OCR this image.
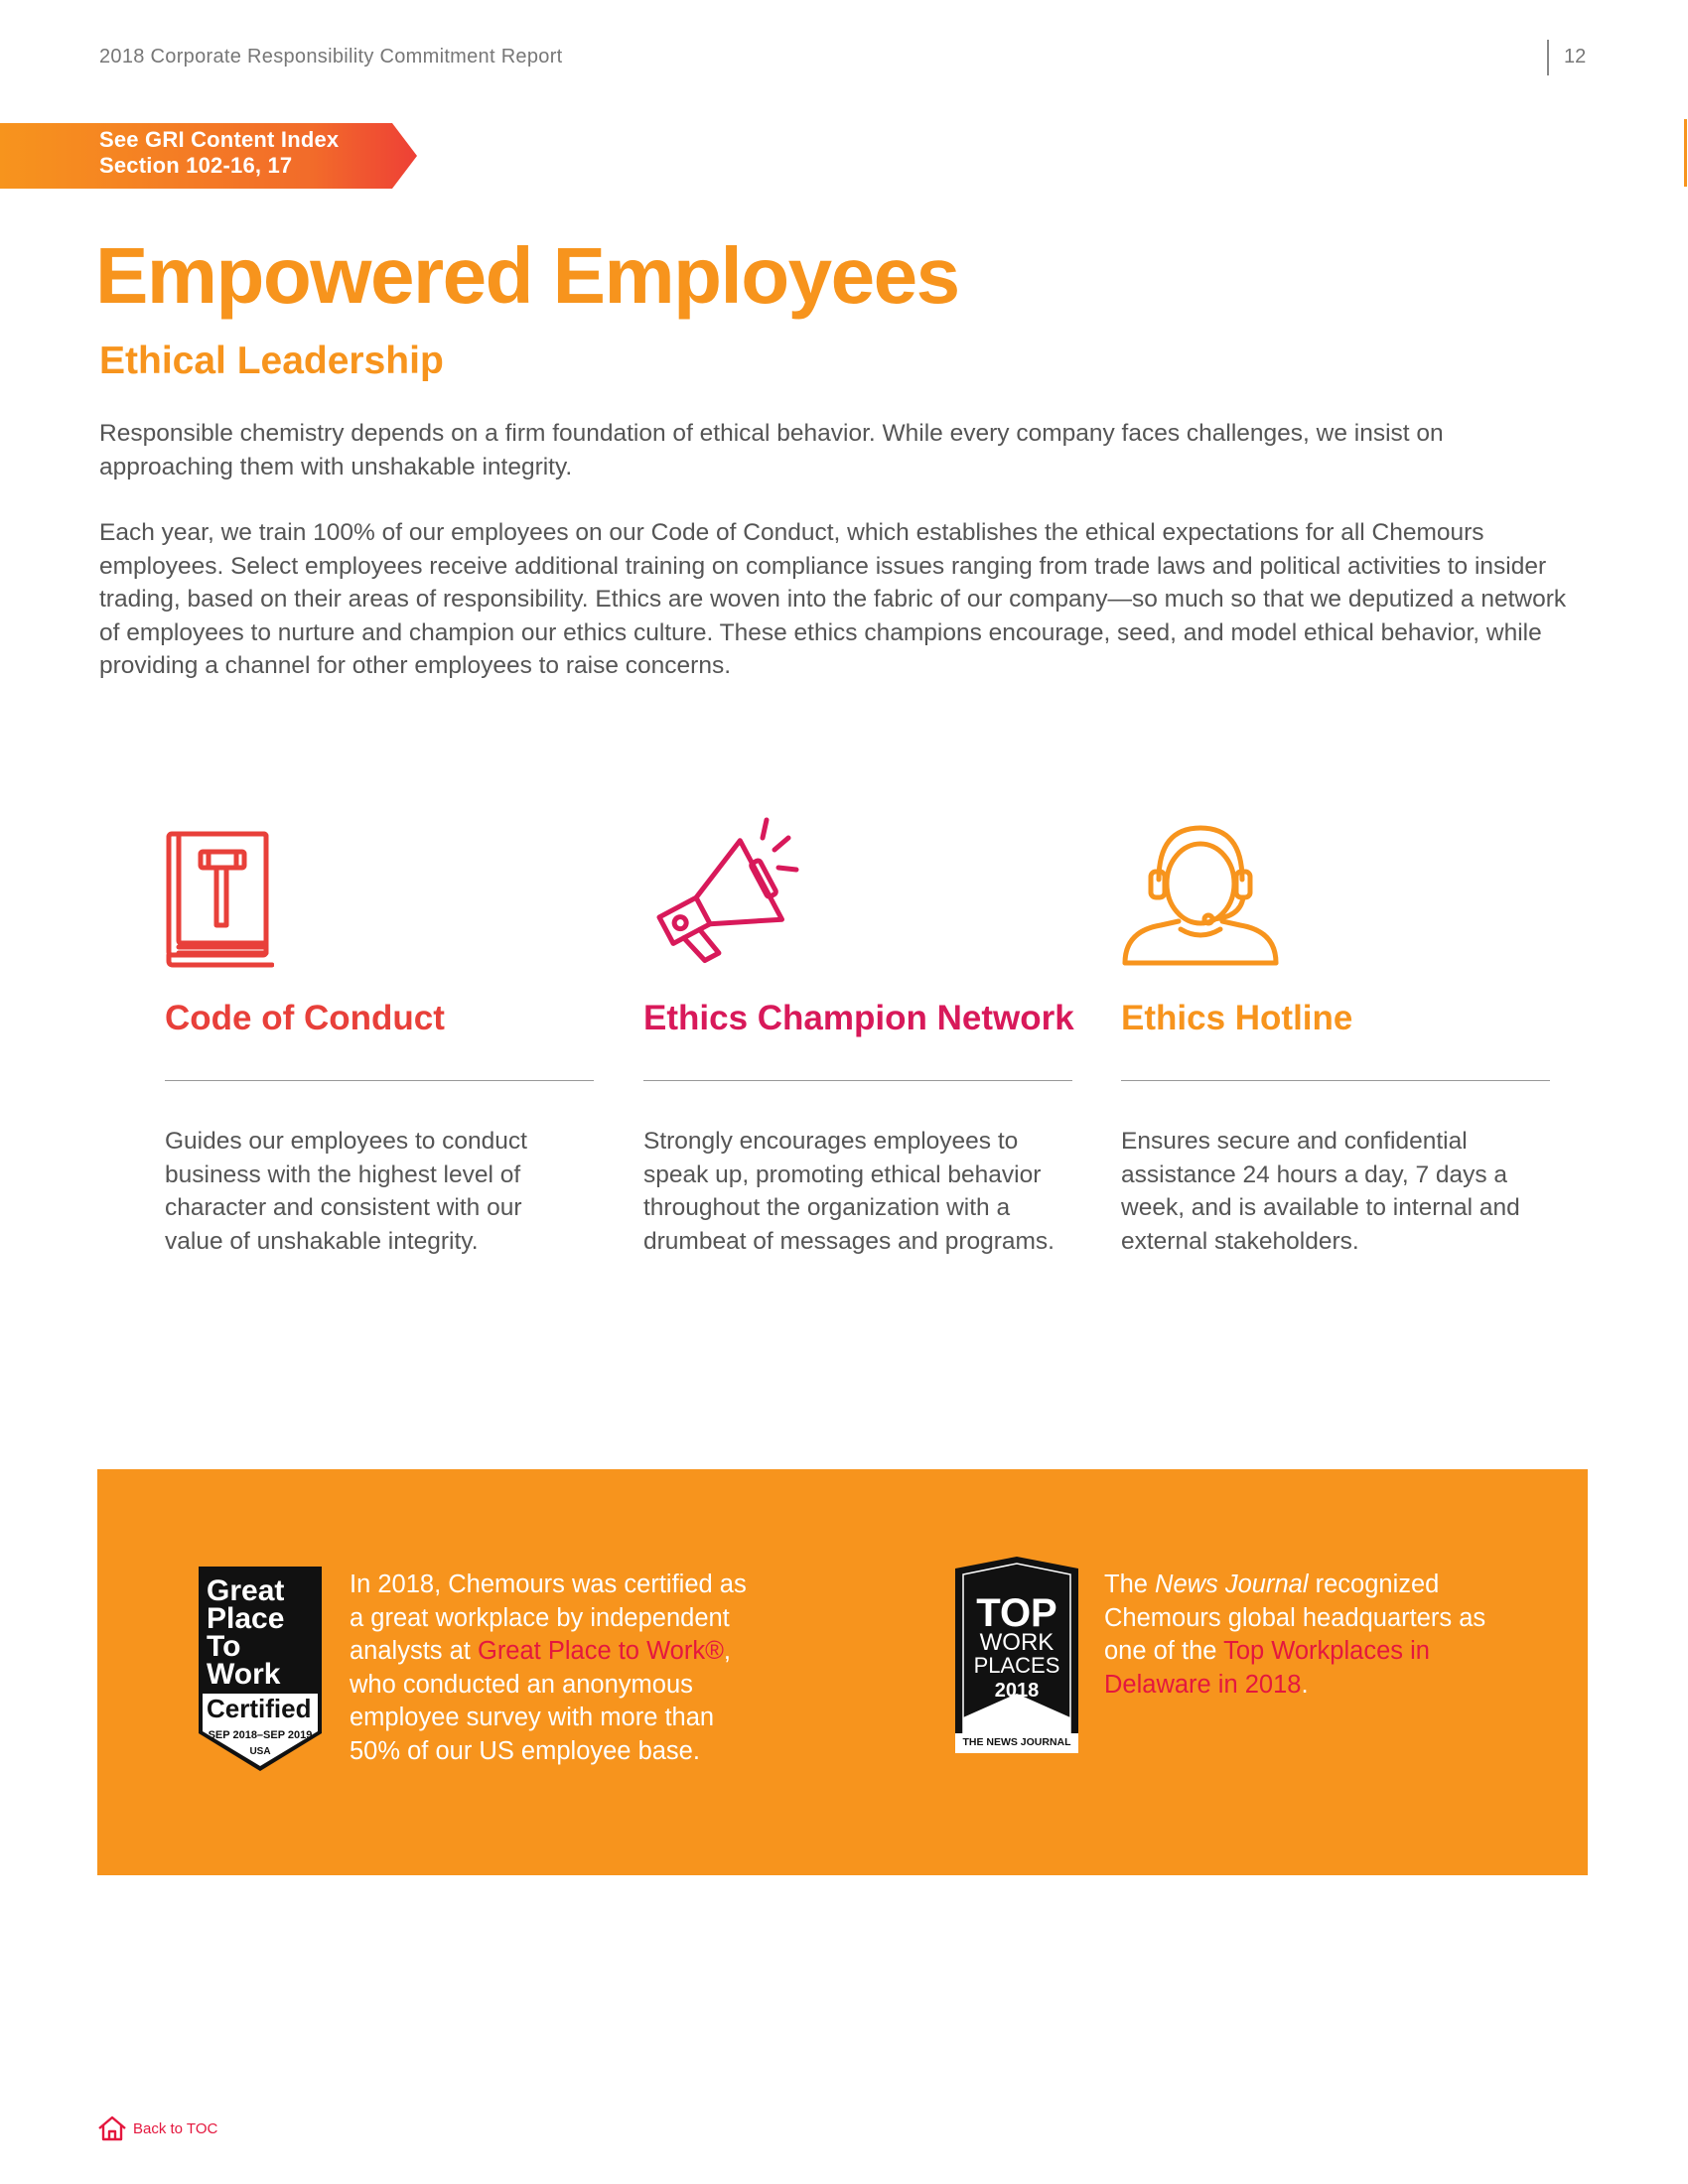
2018 Corporate Responsibility Commitment Report	12
See GRI Content Index
Section 102-16, 17
Empowered Employees
Ethical Leadership
Responsible chemistry depends on a firm foundation of ethical behavior. While every company faces challenges, we insist on approaching them with unshakable integrity.
Each year, we train 100% of our employees on our Code of Conduct, which establishes the ethical expectations for all Chemours employees. Select employees receive additional training on compliance issues ranging from trade laws and political activities to insider trading, based on their areas of responsibility. Ethics are woven into the fabric of our company—so much so that we deputized a network of employees to nurture and champion our ethics culture. These ethics champions encourage, seed, and model ethical behavior, while providing a channel for other employees to raise concerns.
Code of Conduct
Guides our employees to conduct business with the highest level of character and consistent with our value of unshakable integrity.
Ethics Champion Network
Strongly encourages employees to speak up, promoting ethical behavior throughout the organization with a drumbeat of messages and programs.
Ethics Hotline
Ensures secure and confidential assistance 24 hours a day, 7 days a week, and is available to internal and external stakeholders.
Great
Place
To
Work
Certified
SEP 2018–SEP 2019
USA
In 2018, Chemours was certified as a great workplace by independent analysts at Great Place to Work®, who conducted an anonymous employee survey with more than 50% of our US employee base.
TOP
WORK
PLACES
2018
THE NEWS JOURNAL
The News Journal recognized Chemours global headquarters as one of the Top Workplaces in Delaware in 2018.
Back to TOC
